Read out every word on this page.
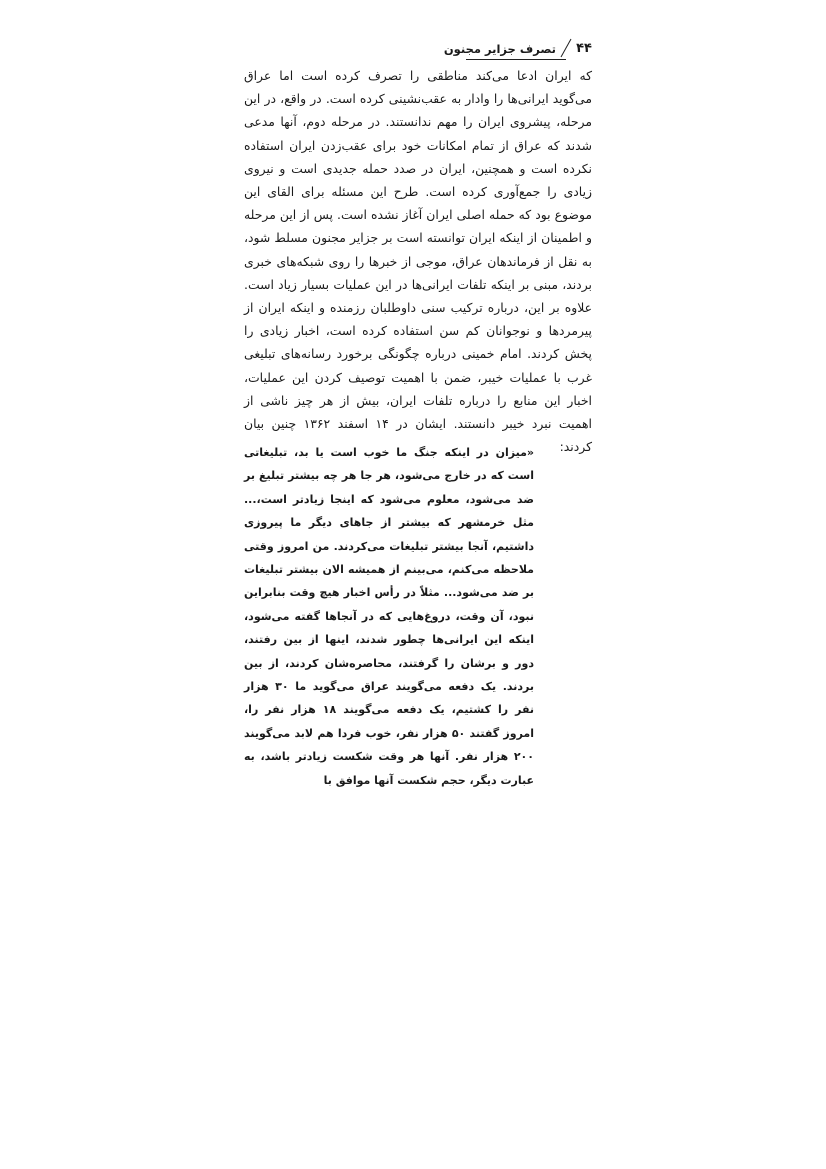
۴۴
تصرف جزایر مجنون

که ایران ادعا می‌کند مناطقی را تصرف کرده است اما عراق می‌گوید ایرانی‌ها را وادار به عقب‌نشینی کرده است. در واقع، در این مرحله، پیشروی ایران را مهم ندانستند. در مرحله دوم، آنها مدعی شدند که عراق از تمام امکانات خود برای عقب‌زدن ایران استفاده نکرده است و همچنین، ایران در صدد حمله جدیدی است و نیروی زیادی را جمع‌آوری کرده است. طرح این مسئله برای القای این موضوع بود که حمله اصلی ایران آغاز نشده است. پس از این مرحله و اطمینان از اینکه ایران توانسته است بر جزایر مجنون مسلط شود، به نقل از فرماندهان عراق، موجی از خبرها را روی شبکه‌های خبری بردند، مبنی بر اینکه تلفات ایرانی‌ها در این عملیات بسیار زیاد است. علاوه بر این، درباره ترکیب سنی داوطلبان رزمنده و اینکه ایران از پیرمردها و نوجوانان کم سن استفاده کرده است، اخبار زیادی را پخش کردند. امام خمینی درباره چگونگی برخورد رسانه‌های تبلیغی غرب با عملیات خیبر، ضمن با اهمیت توصیف کردن این عملیات، اخبار این منابع را درباره تلفات ایران، بیش از هر چیز ناشی از اهمیت نبرد خیبر دانستند. ایشان در ۱۴ اسفند ۱۳۶۲ چنین بیان کردند:

«میزان در اینکه جنگ ما خوب است یا بد، تبلیغاتی است که در خارج می‌شود، هر جا هر چه بیشتر تبلیغ بر ضد می‌شود، معلوم می‌شود که اینجا زیادتر است،... مثل خرمشهر که بیشتر از جاهای دیگر ما پیروزی داشتیم، آنجا بیشتر تبلیغات می‌کردند. من امروز وقتی ملاحظه می‌کنم، می‌بینم از همیشه الان بیشتر تبلیغات بر ضد می‌شود... مثلاً در رأس اخبار هیچ وقت بنابراین نبود، آن وقت، دروغ‌هایی که در آنجاها گفته می‌شود، اینکه این ایرانی‌ها چطور شدند، اینها از بین رفتند، دور و برشان را گرفتند، محاصره‌شان کردند، از بین بردند. یک دفعه می‌گویند عراق می‌گوید ما ۳۰ هزار نفر را کشتیم، یک دفعه می‌گویند ۱۸ هزار نفر را، امروز گفتند ۵۰ هزار نفر، خوب فردا هم لابد می‌گویند ۲۰۰ هزار نفر. آنها هر وقت شکست زیادتر باشد، به عبارت دیگر، حجم شکست آنها موافق با
